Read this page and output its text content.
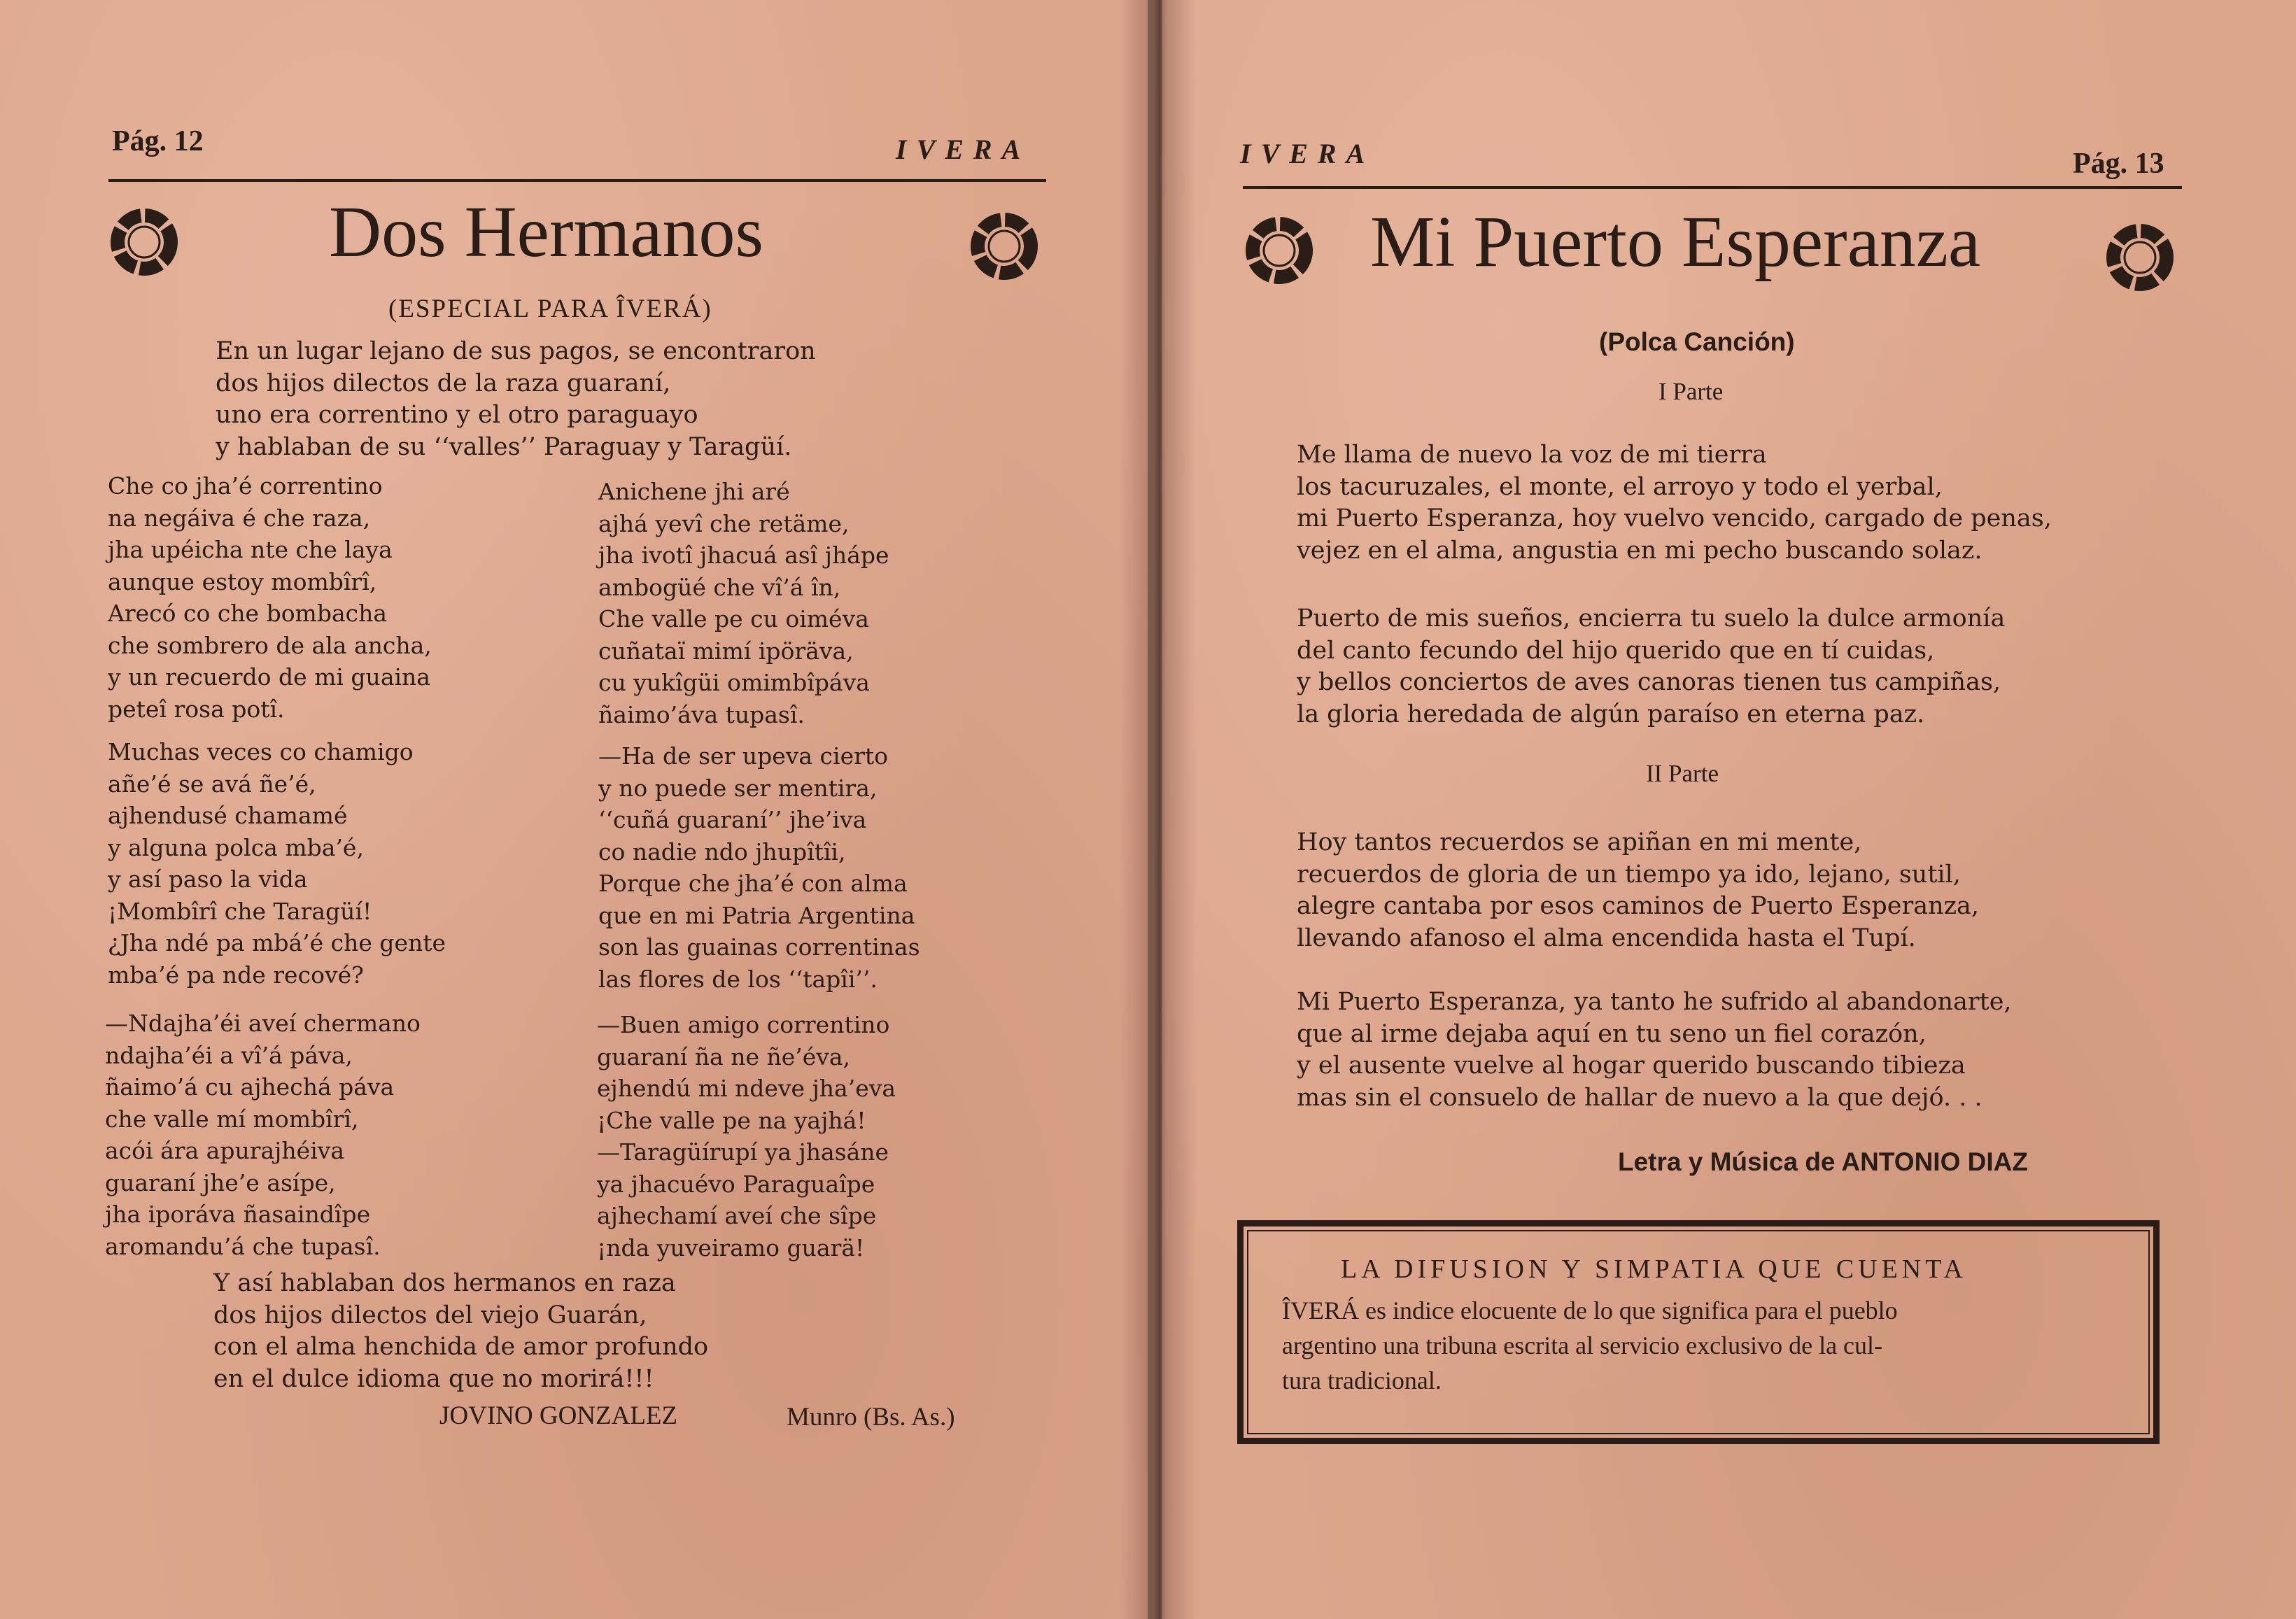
Pág. 12	IVERA
Dos Hermanos
(ESPECIAL PARA ÎVERÁ)
En un lugar lejano de sus pagos, se encontraron
dos hijos dilectos de la raza guaraní,
uno era correntino y el otro paraguayo
y hablaban de su ‘‘valles’’ Paraguay y Taragüí.
Che co jha’é correntino
na negáiva é che raza,
jha upéicha nte che laya
aunque estoy mombîrî,
Arecó co che bombacha
che sombrero de ala ancha,
y un recuerdo de mi guaina
peteî rosa potî.
Muchas veces co chamigo
añe’é se avá ñe’é,
ajhendusé chamamé
y alguna polca mba’é,
y así paso la vida
¡Mombîrî che Taragüí!
¿Jha ndé pa mbá’é che gente
mba’é pa nde recové?
—Ndajha’éi aveí chermano
ndajha’éi a vî’á páva,
ñaimo’á cu ajhechá páva
che valle mí mombîrî,
acói ára apurajhéiva
guaraní jhe’e asípe,
jha iporáva ñasaindîpe
aromandu’á che tupasî.
Anichene jhi aré
ajhá yevî che retäme,
jha ivotî jhacuá asî jhápe
ambogüé che vî’á în,
Che valle pe cu oiméva
cuñataï mimí ipöräva,
cu yukîgüi omimbîpáva
ñaimo’áva tupasî.
—Ha de ser upeva cierto
y no puede ser mentira,
‘‘cuñá guaraní’’ jhe’iva
co nadie ndo jhupîtîi,
Porque che jha’é con alma
que en mi Patria Argentina
son las guainas correntinas
las flores de los ‘‘tapîi’’.
—Buen amigo correntino
guaraní ña ne ñe’éva,
ejhendú mi ndeve jha’eva
¡Che valle pe na yajhá!
—Taragüírupí ya jhasáne
ya jhacuévo Paraguaîpe
ajhechamí aveí che sîpe
¡nda yuveiramo guarä!
Y así hablaban dos hermanos en raza
dos hijos dilectos del viejo Guarán,
con el alma henchida de amor profundo
en el dulce idioma que no morirá!!!
JOVINO GONZALEZ	Munro (Bs. As.)
IVERA	Pág. 13
Mi Puerto Esperanza
(Polca Canción)
I Parte
Me llama de nuevo la voz de mi tierra
los tacuruzales, el monte, el arroyo y todo el yerbal,
mi Puerto Esperanza, hoy vuelvo vencido, cargado de penas,
vejez en el alma, angustia en mi pecho buscando solaz.
Puerto de mis sueños, encierra tu suelo la dulce armonía
del canto fecundo del hijo querido que en tí cuidas,
y bellos conciertos de aves canoras tienen tus campiñas,
la gloria heredada de algún paraíso en eterna paz.
II Parte
Hoy tantos recuerdos se apiñan en mi mente,
recuerdos de gloria de un tiempo ya ido, lejano, sutil,
alegre cantaba por esos caminos de Puerto Esperanza,
llevando afanoso el alma encendida hasta el Tupí.
Mi Puerto Esperanza, ya tanto he sufrido al abandonarte,
que al irme dejaba aquí en tu seno un fiel corazón,
y el ausente vuelve al hogar querido buscando tibieza
mas sin el consuelo de hallar de nuevo a la que dejó. . .
Letra y Música de ANTONIO DIAZ
LA DIFUSION Y SIMPATIA QUE CUENTA
ÎVERÁ es indice elocuente de lo que significa para el pueblo
argentino una tribuna escrita al servicio exclusivo de la cul-
tura tradicional.
